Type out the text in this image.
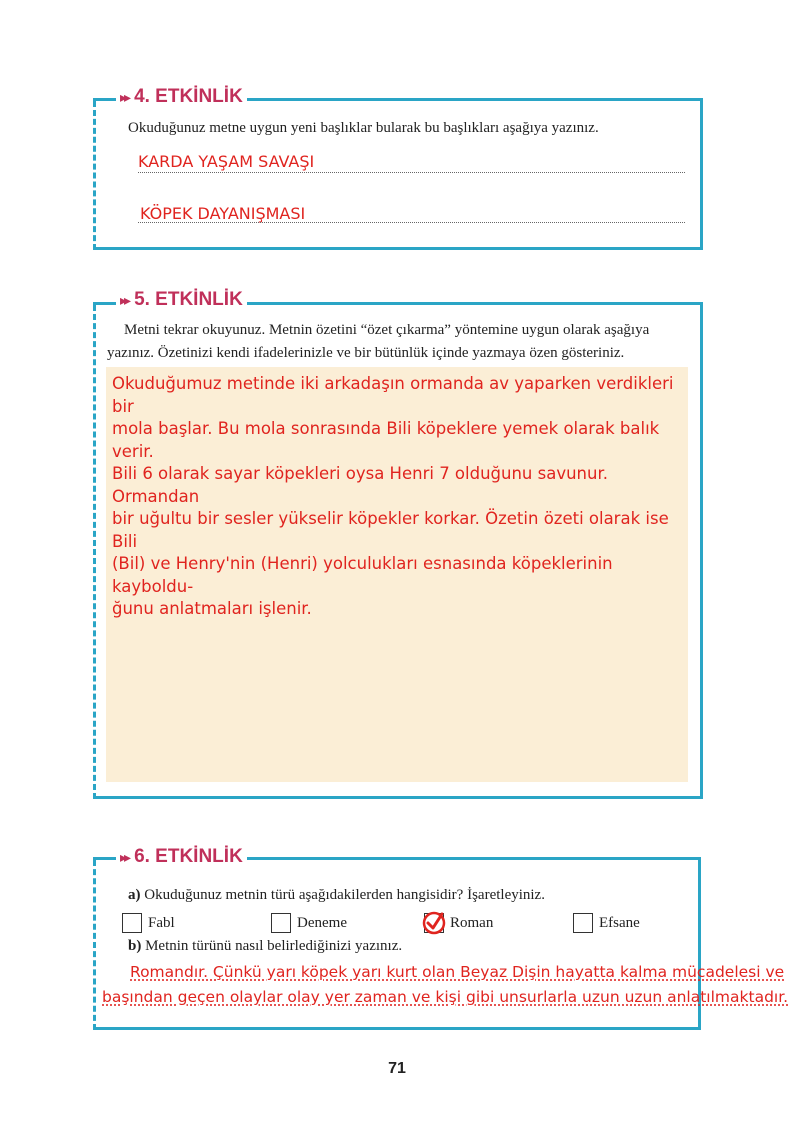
▸▸ 4. ETKİNLİK
Okuduğunuz metne uygun yeni başlıklar bularak bu başlıkları aşağıya yazınız.
KARDA YAŞAM SAVAŞI
KÖPEK DAYANIŞMASI
▸▸ 5. ETKİNLİK
Metni tekrar okuyunuz. Metnin özetini “özet çıkarma” yöntemine uygun olarak aşağıya
yazınız. Özetinizi kendi ifadelerinizle ve bir bütünlük içinde yazmaya özen gösteriniz.
Okuduğumuz metinde iki arkadaşın ormanda av yaparken verdikleri bir
mola başlar. Bu mola sonrasında Bili köpeklere yemek olarak balık verir.
Bili 6 olarak sayar köpekleri oysa Henri 7 olduğunu savunur. Ormandan
bir uğultu bir sesler yükselir köpekler korkar. Özetin özeti olarak ise Bili
(Bil) ve Henry'nin (Henri) yolculukları esnasında köpeklerinin kayboldu-
ğunu anlatmaları işlenir.
▸▸ 6. ETKİNLİK
a) Okuduğunuz metnin türü aşağıdakilerden hangisidir? İşaretleyiniz.
Fabl	Deneme	Roman	Efsane
b) Metnin türünü nasıl belirlediğinizi yazınız.
Romandır. Çünkü yarı köpek yarı kurt olan Beyaz Dişin hayatta kalma mücadelesi ve
başından geçen olaylar olay yer zaman ve kişi gibi unsurlarla uzun uzun anlatılmaktadır.
71
